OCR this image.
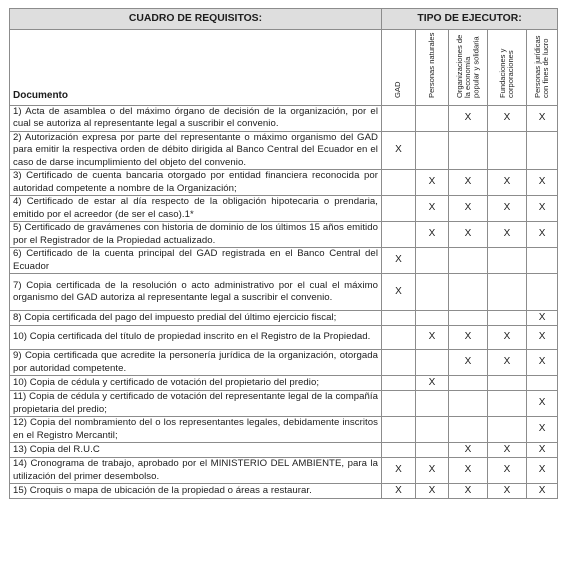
CUADRO DE REQUISITOS:	TIPO DE EJECUTOR:				
Documento	GAD	Personas naturales	Organizaciones de la economía popular y solidaria	Fundaciones y corporaciones	Personas jurídicas con fines de lucro
1) Acta de asamblea o del máximo órgano de decisión de la organización, por el cual se autoriza al representante legal a suscribir el convenio.			X	X	X
2) Autorización expresa por parte del representante o máximo organismo del GAD para emitir la respectiva orden de débito dirigida al Banco Central del Ecuador en el caso de darse incumplimiento del objeto del convenio.	X				
3) Certificado de cuenta bancaria otorgado por entidad financiera reconocida por autoridad competente a nombre de la Organización;		X	X	X	X
4) Certificado de estar al día respecto de la obligación hipotecaria o prendaria, emitido por el acreedor (de ser el caso).1*		X	X	X	X
5) Certificado de gravámenes con historia de dominio de los últimos 15 años emitido por el Registrador de la Propiedad actualizado.		X	X	X	X
6) Certificado de la cuenta principal del GAD registrada en el Banco Central del Ecuador	X				
7) Copia certificada de la resolución o acto administrativo por el cual el máximo organismo del GAD autoriza al representante legal a suscribir el convenio.	X				
8) Copia certificada del pago del impuesto predial del último ejercicio fiscal;					X
10) Copia certificada del título de propiedad inscrito en el Registro de la Propiedad.		X	X	X	X
9) Copia certificada que acredite la personería jurídica de la organización, otorgada por autoridad competente.			X	X	X
10) Copia de cédula y certificado de votación del propietario del predio;		X			
11) Copia de cédula y certificado de votación del representante legal de la compañía propietaria del predio;					X
12) Copia del nombramiento del o los representantes legales, debidamente inscritos en el Registro Mercantil;					X
13) Copia del R.U.C			X	X	X
14) Cronograma de trabajo, aprobado por el MINISTERIO DEL AMBIENTE, para la utilización del primer desembolso.	X	X	X	X	X
15) Croquis o mapa de ubicación de la propiedad o áreas a restaurar.	X	X	X	X	X
